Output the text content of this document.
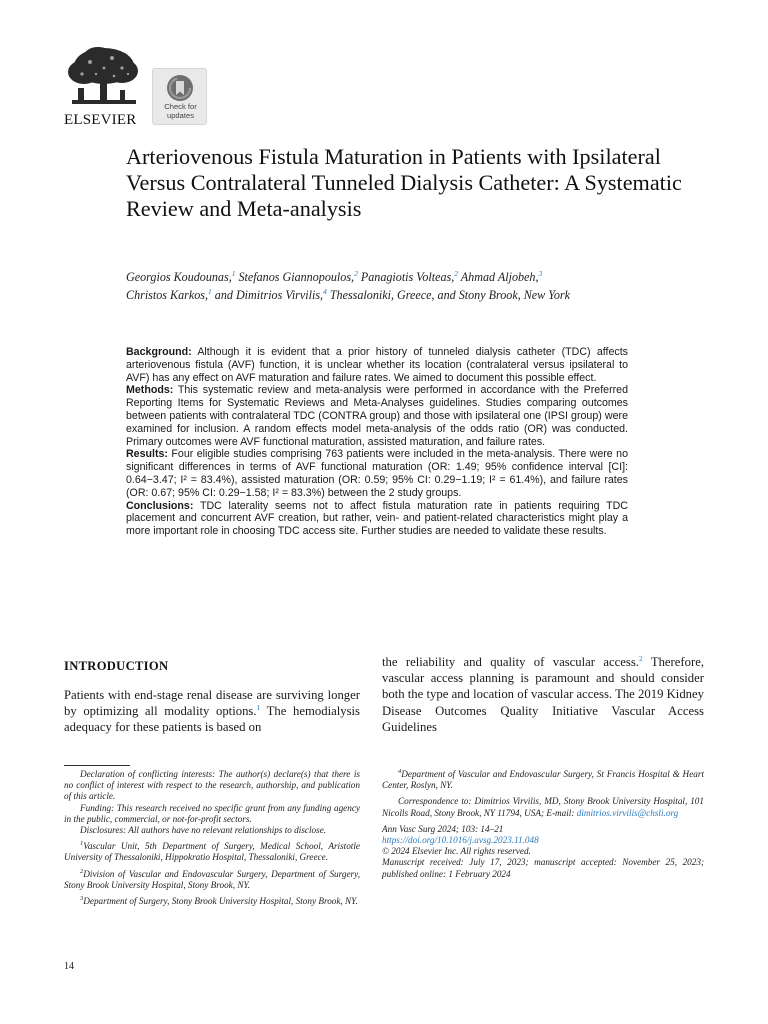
ELSEVIER
Check for
updates
Arteriovenous Fistula Maturation in Patients with Ipsilateral Versus Contralateral Tunneled Dialysis Catheter: A Systematic Review and Meta-analysis
Georgios Koudounas,$^1$ Stefanos Giannopoulos,$^2$ Panagiotis Volteas,$^2$ Ahmad Aljobeh,$^3$
Christos Karkos,$^1$ and Dimitrios Virvilis,$^4$ Thessaloniki, Greece, and Stony Brook, New York

Background: Although it is evident that a prior history of tunneled dialysis catheter (TDC) affects arteriovenous fistula (AVF) function, it is unclear whether its location (contralateral versus ipsilateral to AVF) has any effect on AVF maturation and failure rates. We aimed to document this possible effect.

Methods: This systematic review and meta-analysis were performed in accordance with the Preferred Reporting Items for Systematic Reviews and Meta-Analyses guidelines. Studies comparing outcomes between patients with contralateral TDC (CONTRA group) and those with ipsilateral one (IPSI group) were examined for inclusion. A random effects model meta-analysis of the odds ratio (OR) was conducted. Primary outcomes were AVF functional maturation, assisted maturation, and failure rates.

Results: Four eligible studies comprising 763 patients were included in the meta-analysis. There were no significant differences in terms of AVF functional maturation (OR: 1.49; 95% confidence interval [CI]: 0.64−3.47; I² = 83.4%), assisted maturation (OR: 0.59; 95% CI: 0.29−1.19; I² = 61.4%), and failure rates (OR: 0.67; 95% CI: 0.29−1.58; I² = 83.3%) between the 2 study groups.

Conclusions: TDC laterality seems not to affect fistula maturation rate in patients requiring TDC placement and concurrent AVF creation, but rather, vein- and patient-related characteristics might play a more important role in choosing TDC access site. Further studies are needed to validate these results.

INTRODUCTION

Patients with end-stage renal disease are surviving longer by optimizing all modality options.$^1$ The hemodialysis adequacy for these patients is based on

the reliability and quality of vascular access.$^2$ Therefore, vascular access planning is paramount and should consider both the type and location of vascular access. The 2019 Kidney Disease Outcomes Quality Initiative Vascular Access Guidelines

Declaration of conflicting interests: The author(s) declare(s) that there is no conflict of interest with respect to the research, authorship, and publication of this article.

Funding: This research received no specific grant from any funding agency in the public, commercial, or not-for-profit sectors.

Disclosures: All authors have no relevant relationships to disclose.

$^1$Vascular Unit, 5th Department of Surgery, Medical School, Aristotle University of Thessaloniki, Hippokratio Hospital, Thessaloniki, Greece.

$^2$Division of Vascular and Endovascular Surgery, Department of Surgery, Stony Brook University Hospital, Stony Brook, NY.

$^3$Department of Surgery, Stony Brook University Hospital, Stony Brook, NY.

$^4$Department of Vascular and Endovascular Surgery, St Francis Hospital & Heart Center, Roslyn, NY.

Correspondence to: Dimitrios Virvilis, MD, Stony Brook University Hospital, 101 Nicolls Road, Stony Brook, NY 11794, USA; E-mail: dimitrios.virvilis@chsli.org

Ann Vasc Surg 2024; 103: 14–21

https://doi.org/10.1016/j.avsg.2023.11.048

© 2024 Elsevier Inc. All rights reserved.

Manuscript received: July 17, 2023; manuscript accepted: November 25, 2023; published online: 1 February 2024

14
